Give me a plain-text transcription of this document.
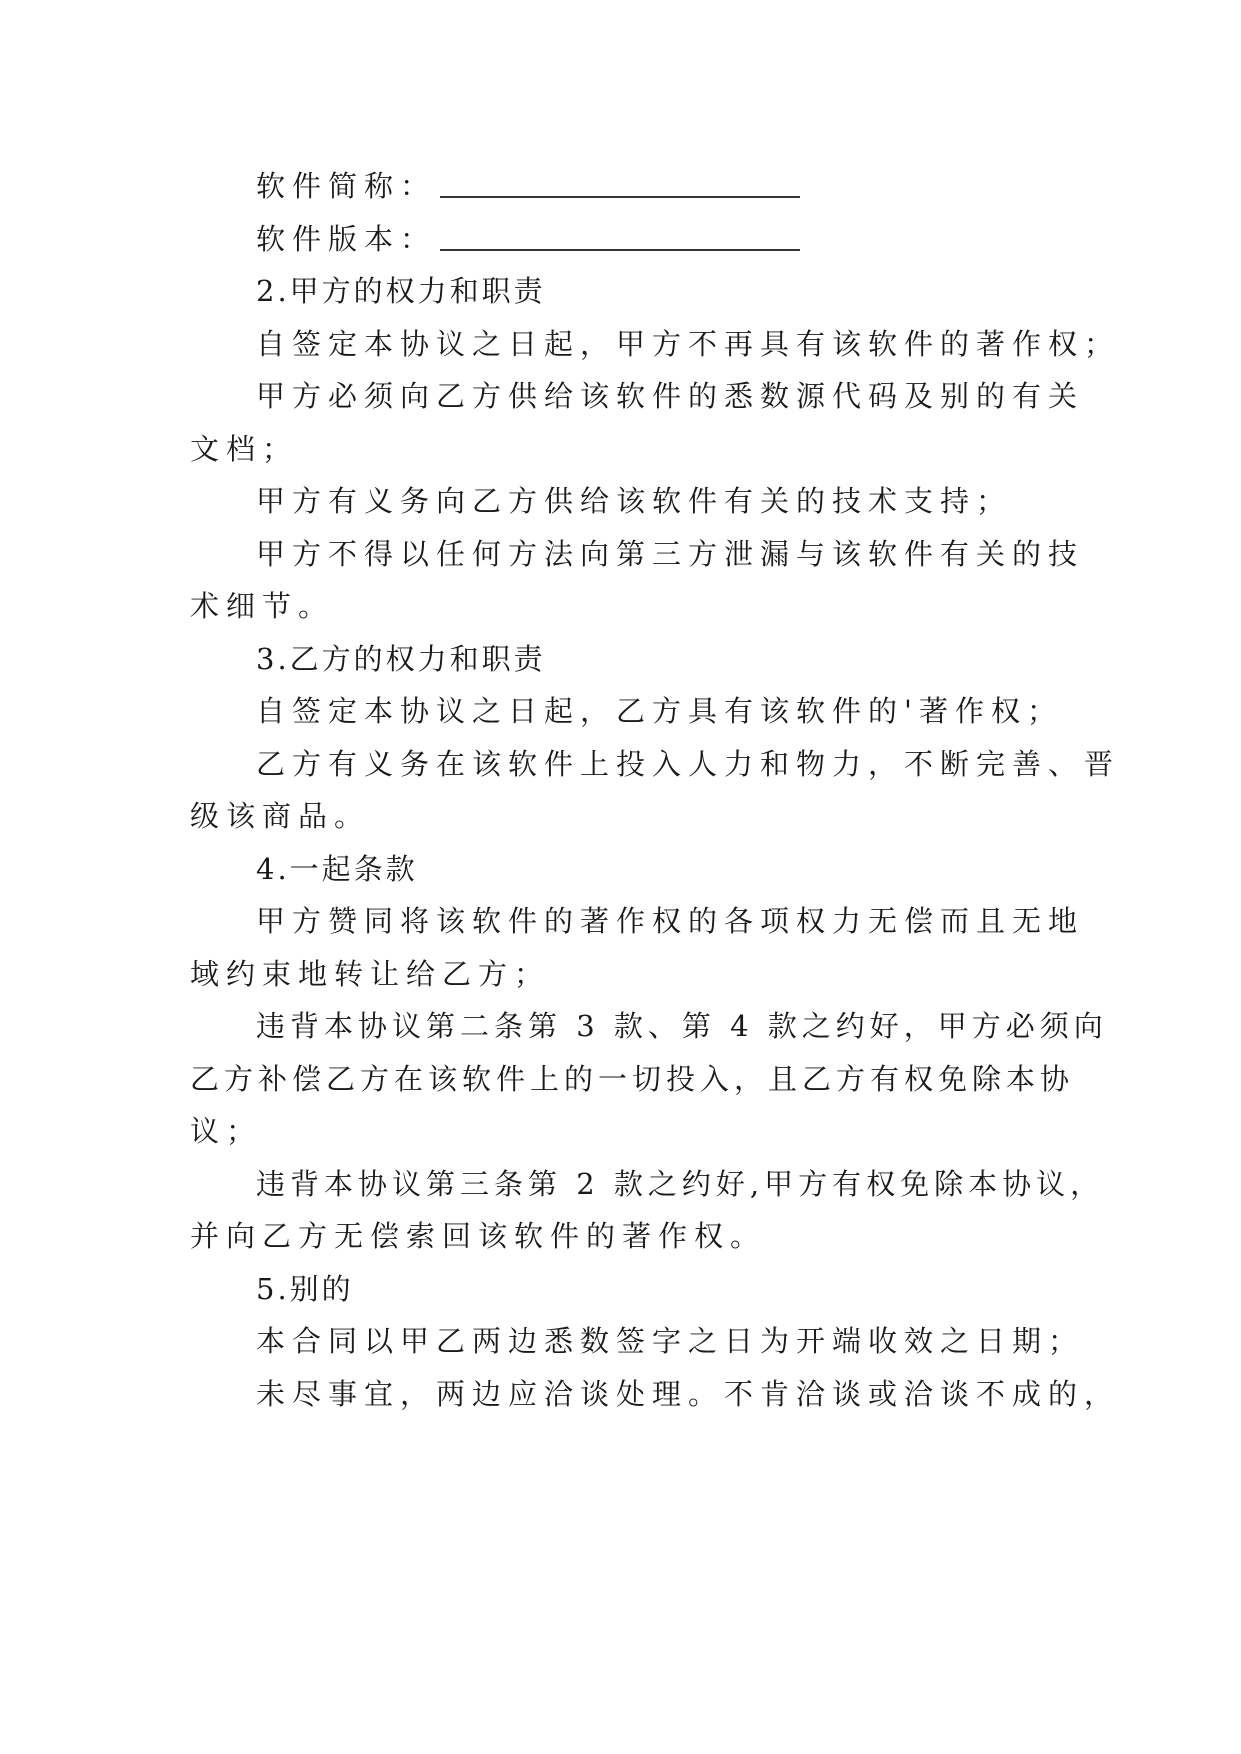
软件简称：
软件版本：
2.甲方的权力和职责
自签定本协议之日起，甲方不再具有该软件的著作权；
甲方必须向乙方供给该软件的悉数源代码及别的有关
文档；
甲方有义务向乙方供给该软件有关的技术支持；
甲方不得以任何方法向第三方泄漏与该软件有关的技
术细节。
3.乙方的权力和职责
自签定本协议之日起，乙方具有该软件的'著作权；
乙方有义务在该软件上投入人力和物力，不断完善、晋
级该商品。
4.一起条款
甲方赞同将该软件的著作权的各项权力无偿而且无地
域约束地转让给乙方；
违背本协议第二条第 3 款、第 4 款之约好，甲方必须向
乙方补偿乙方在该软件上的一切投入，且乙方有权免除本协
议；
违背本协议第三条第 2 款之约好,甲方有权免除本协议，
并向乙方无偿索回该软件的著作权。
5.别的
本合同以甲乙两边悉数签字之日为开端收效之日期；
未尽事宜，两边应洽谈处理。不肯洽谈或洽谈不成的，
